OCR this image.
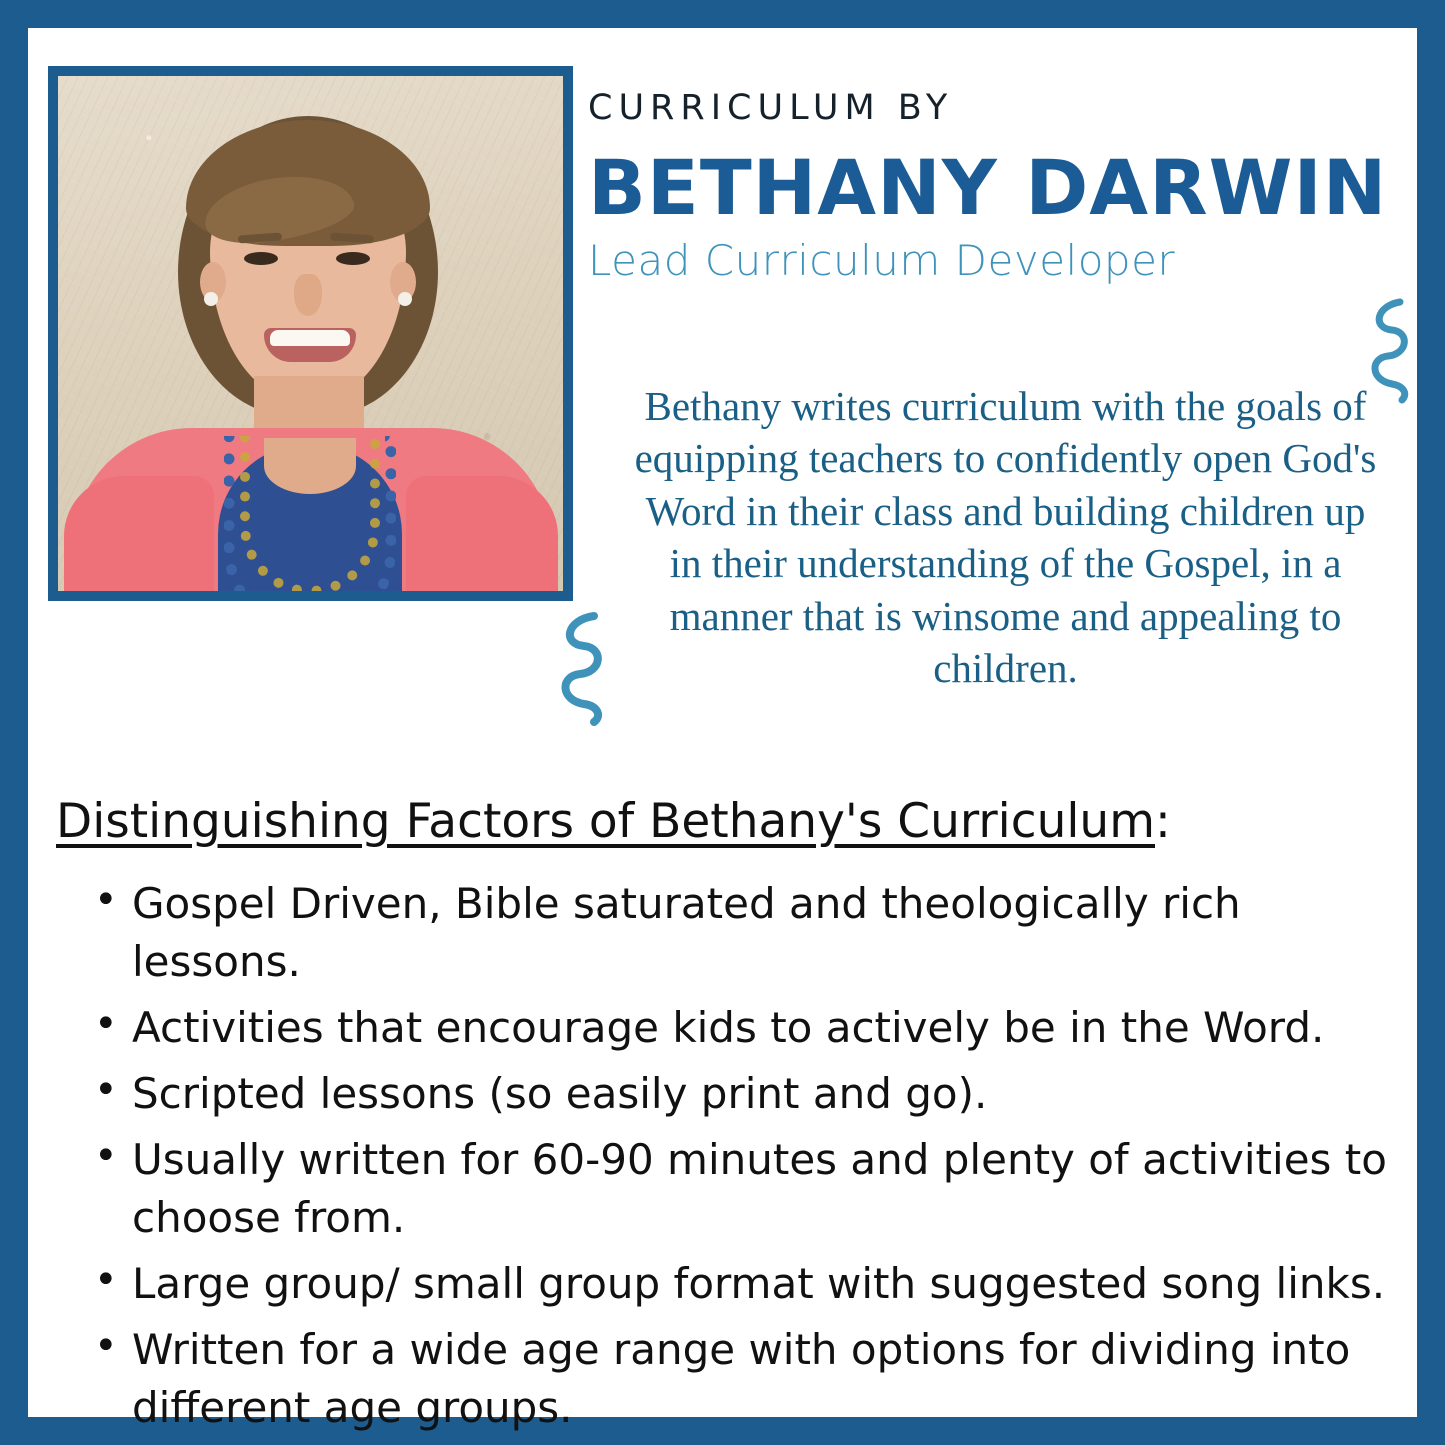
CURRICULUM BY
BETHANY DARWIN
Lead Curriculum Developer
Bethany writes curriculum with the goals of equipping teachers to confidently open God's Word in their class and building children up in their understanding of the Gospel, in a manner that is winsome and appealing to children.
Distinguishing Factors of Bethany's Curriculum:
• Gospel Driven, Bible saturated and theologically rich lessons.
• Activities that encourage kids to actively be in the Word.
• Scripted lessons (so easily print and go).
• Usually written for 60-90 minutes and plenty of activities to choose from.
• Large group/ small group format with suggested song links.
• Written for a wide age range with options for dividing into different age groups.
